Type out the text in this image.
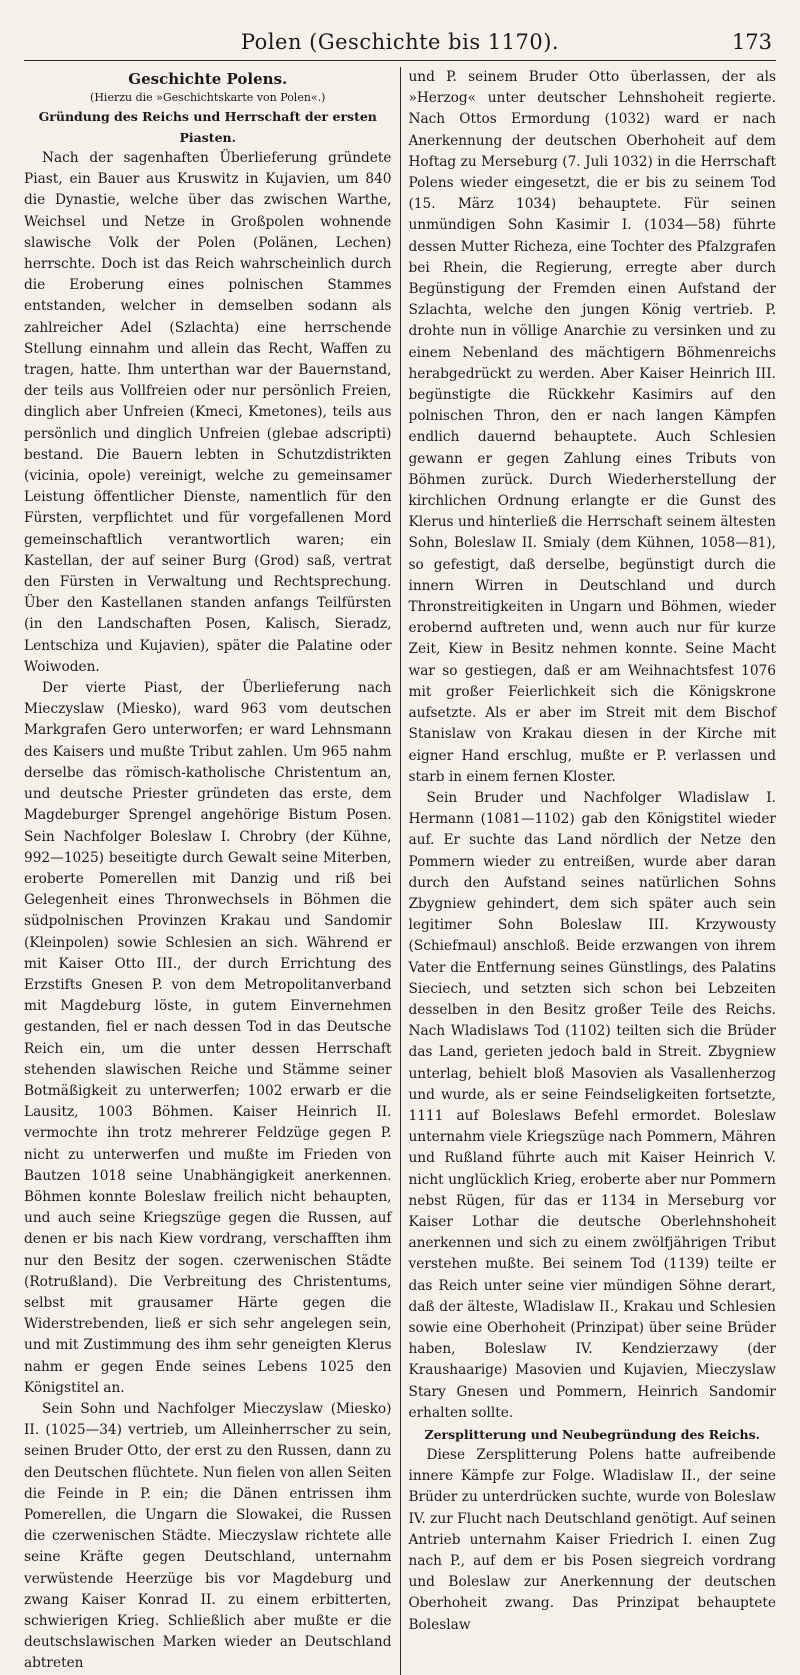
Polen (Geschichte bis 1170).	173
Geschichte Polens.
(Hierzu die »Geschichtskarte von Polen«.)
Gründung des Reichs und Herrschaft der ersten Piasten.

Nach der sagenhaften Überlieferung gründete Piast, ein Bauer aus Kruswitz in Kujavien, um 840 die Dynastie, welche über das zwischen Warthe, Weichsel und Netze in Großpolen wohnende slawische Volk der Polen (Polänen, Lechen) herrschte. Doch ist das Reich wahrscheinlich durch die Eroberung eines polnischen Stammes entstanden, welcher in demselben sodann als zahlreicher Adel (Szlachta) eine herrschende Stellung einnahm und allein das Recht, Waffen zu tragen, hatte. Ihm unterthan war der Bauernstand, der teils aus Vollfreien oder nur persönlich Freien, dinglich aber Unfreien (Kmeci, Kmetones), teils aus persönlich und dinglich Unfreien (glebae adscripti) bestand. Die Bauern lebten in Schutzdistrikten (vicinia, opole) vereinigt, welche zu gemeinsamer Leistung öffentlicher Dienste, namentlich für den Fürsten, verpflichtet und für vorgefallenen Mord gemeinschaftlich verantwortlich waren; ein Kastellan, der auf seiner Burg (Grod) saß, vertrat den Fürsten in Verwaltung und Rechtsprechung. Über den Kastellanen standen anfangs Teilfürsten (in den Landschaften Posen, Kalisch, Sieradz, Lentschiza und Kujavien), später die Palatine oder Woiwoden.

Der vierte Piast, der Überlieferung nach Mieczyslaw (Miesko), ward 963 vom deutschen Markgrafen Gero unterworfen; er ward Lehnsmann des Kaisers und mußte Tribut zahlen. Um 965 nahm derselbe das römisch-katholische Christentum an, und deutsche Priester gründeten das erste, dem Magdeburger Sprengel angehörige Bistum Posen. Sein Nachfolger Boleslaw I. Chrobry (der Kühne, 992—1025) beseitigte durch Gewalt seine Miterben, eroberte Pomerellen mit Danzig und riß bei Gelegenheit eines Thronwechsels in Böhmen die südpolnischen Provinzen Krakau und Sandomir (Kleinpolen) sowie Schlesien an sich. Während er mit Kaiser Otto III., der durch Errichtung des Erzstifts Gnesen P. von dem Metropolitanverband mit Magdeburg löste, in gutem Einvernehmen gestanden, fiel er nach dessen Tod in das Deutsche Reich ein, um die unter dessen Herrschaft stehenden slawischen Reiche und Stämme seiner Botmäßigkeit zu unterwerfen; 1002 erwarb er die Lausitz, 1003 Böhmen. Kaiser Heinrich II. vermochte ihn trotz mehrerer Feldzüge gegen P. nicht zu unterwerfen und mußte im Frieden von Bautzen 1018 seine Unabhängigkeit anerkennen. Böhmen konnte Boleslaw freilich nicht behaupten, und auch seine Kriegszüge gegen die Russen, auf denen er bis nach Kiew vordrang, verschafften ihm nur den Besitz der sogen. czerwenischen Städte (Rotrußland). Die Verbreitung des Christentums, selbst mit grausamer Härte gegen die Widerstrebenden, ließ er sich sehr angelegen sein, und mit Zustimmung des ihm sehr geneigten Klerus nahm er gegen Ende seines Lebens 1025 den Königstitel an.

Sein Sohn und Nachfolger Mieczyslaw (Miesko) II. (1025—34) vertrieb, um Alleinherrscher zu sein, seinen Bruder Otto, der erst zu den Russen, dann zu den Deutschen flüchtete. Nun fielen von allen Seiten die Feinde in P. ein; die Dänen entrissen ihm Pomerellen, die Ungarn die Slowakei, die Russen die czerwenischen Städte. Mieczyslaw richtete alle seine Kräfte gegen Deutschland, unternahm verwüstende Heerzüge bis vor Magdeburg und zwang Kaiser Konrad II. zu einem erbitterten, schwierigen Krieg. Schließlich aber mußte er die deutschslawischen Marken wieder an Deutschland abtreten

und P. seinem Bruder Otto überlassen, der als »Herzog« unter deutscher Lehnshoheit regierte. Nach Ottos Ermordung (1032) ward er nach Anerkennung der deutschen Oberhoheit auf dem Hoftag zu Merseburg (7. Juli 1032) in die Herrschaft Polens wieder eingesetzt, die er bis zu seinem Tod (15. März 1034) behauptete. Für seinen unmündigen Sohn Kasimir I. (1034—58) führte dessen Mutter Richeza, eine Tochter des Pfalzgrafen bei Rhein, die Regierung, erregte aber durch Begünstigung der Fremden einen Aufstand der Szlachta, welche den jungen König vertrieb. P. drohte nun in völlige Anarchie zu versinken und zu einem Nebenland des mächtigern Böhmenreichs herabgedrückt zu werden. Aber Kaiser Heinrich III. begünstigte die Rückkehr Kasimirs auf den polnischen Thron, den er nach langen Kämpfen endlich dauernd behauptete. Auch Schlesien gewann er gegen Zahlung eines Tributs von Böhmen zurück. Durch Wiederherstellung der kirchlichen Ordnung erlangte er die Gunst des Klerus und hinterließ die Herrschaft seinem ältesten Sohn, Boleslaw II. Smialy (dem Kühnen, 1058—81), so gefestigt, daß derselbe, begünstigt durch die innern Wirren in Deutschland und durch Thronstreitigkeiten in Ungarn und Böhmen, wieder erobernd auftreten und, wenn auch nur für kurze Zeit, Kiew in Besitz nehmen konnte. Seine Macht war so gestiegen, daß er am Weihnachtsfest 1076 mit großer Feierlichkeit sich die Königskrone aufsetzte. Als er aber im Streit mit dem Bischof Stanislaw von Krakau diesen in der Kirche mit eigner Hand erschlug, mußte er P. verlassen und starb in einem fernen Kloster.

Sein Bruder und Nachfolger Wladislaw I. Hermann (1081—1102) gab den Königstitel wieder auf. Er suchte das Land nördlich der Netze den Pommern wieder zu entreißen, wurde aber daran durch den Aufstand seines natürlichen Sohns Zbygniew gehindert, dem sich später auch sein legitimer Sohn Boleslaw III. Krzywousty (Schiefmaul) anschloß. Beide erzwangen von ihrem Vater die Entfernung seines Günstlings, des Palatins Sieciech, und setzten sich schon bei Lebzeiten desselben in den Besitz großer Teile des Reichs. Nach Wladislaws Tod (1102) teilten sich die Brüder das Land, gerieten jedoch bald in Streit. Zbygniew unterlag, behielt bloß Masovien als Vasallenherzog und wurde, als er seine Feindseligkeiten fortsetzte, 1111 auf Boleslaws Befehl ermordet. Boleslaw unternahm viele Kriegszüge nach Pommern, Mähren und Rußland führte auch mit Kaiser Heinrich V. nicht unglücklich Krieg, eroberte aber nur Pommern nebst Rügen, für das er 1134 in Merseburg vor Kaiser Lothar die deutsche Oberlehnshoheit anerkennen und sich zu einem zwölfjährigen Tribut verstehen mußte. Bei seinem Tod (1139) teilte er das Reich unter seine vier mündigen Söhne derart, daß der älteste, Wladislaw II., Krakau und Schlesien sowie eine Oberhoheit (Prinzipat) über seine Brüder haben, Boleslaw IV. Kendzierzawy (der Kraushaarige) Masovien und Kujavien, Mieczyslaw Stary Gnesen und Pommern, Heinrich Sandomir erhalten sollte.

Zersplitterung und Neubegründung des Reichs.

Diese Zersplitterung Polens hatte aufreibende innere Kämpfe zur Folge. Wladislaw II., der seine Brüder zu unterdrücken suchte, wurde von Boleslaw IV. zur Flucht nach Deutschland genötigt. Auf seinen Antrieb unternahm Kaiser Friedrich I. einen Zug nach P., auf dem er bis Posen siegreich vordrang und Boleslaw zur Anerkennung der deutschen Oberhoheit zwang. Das Prinzipat behauptete Boleslaw
